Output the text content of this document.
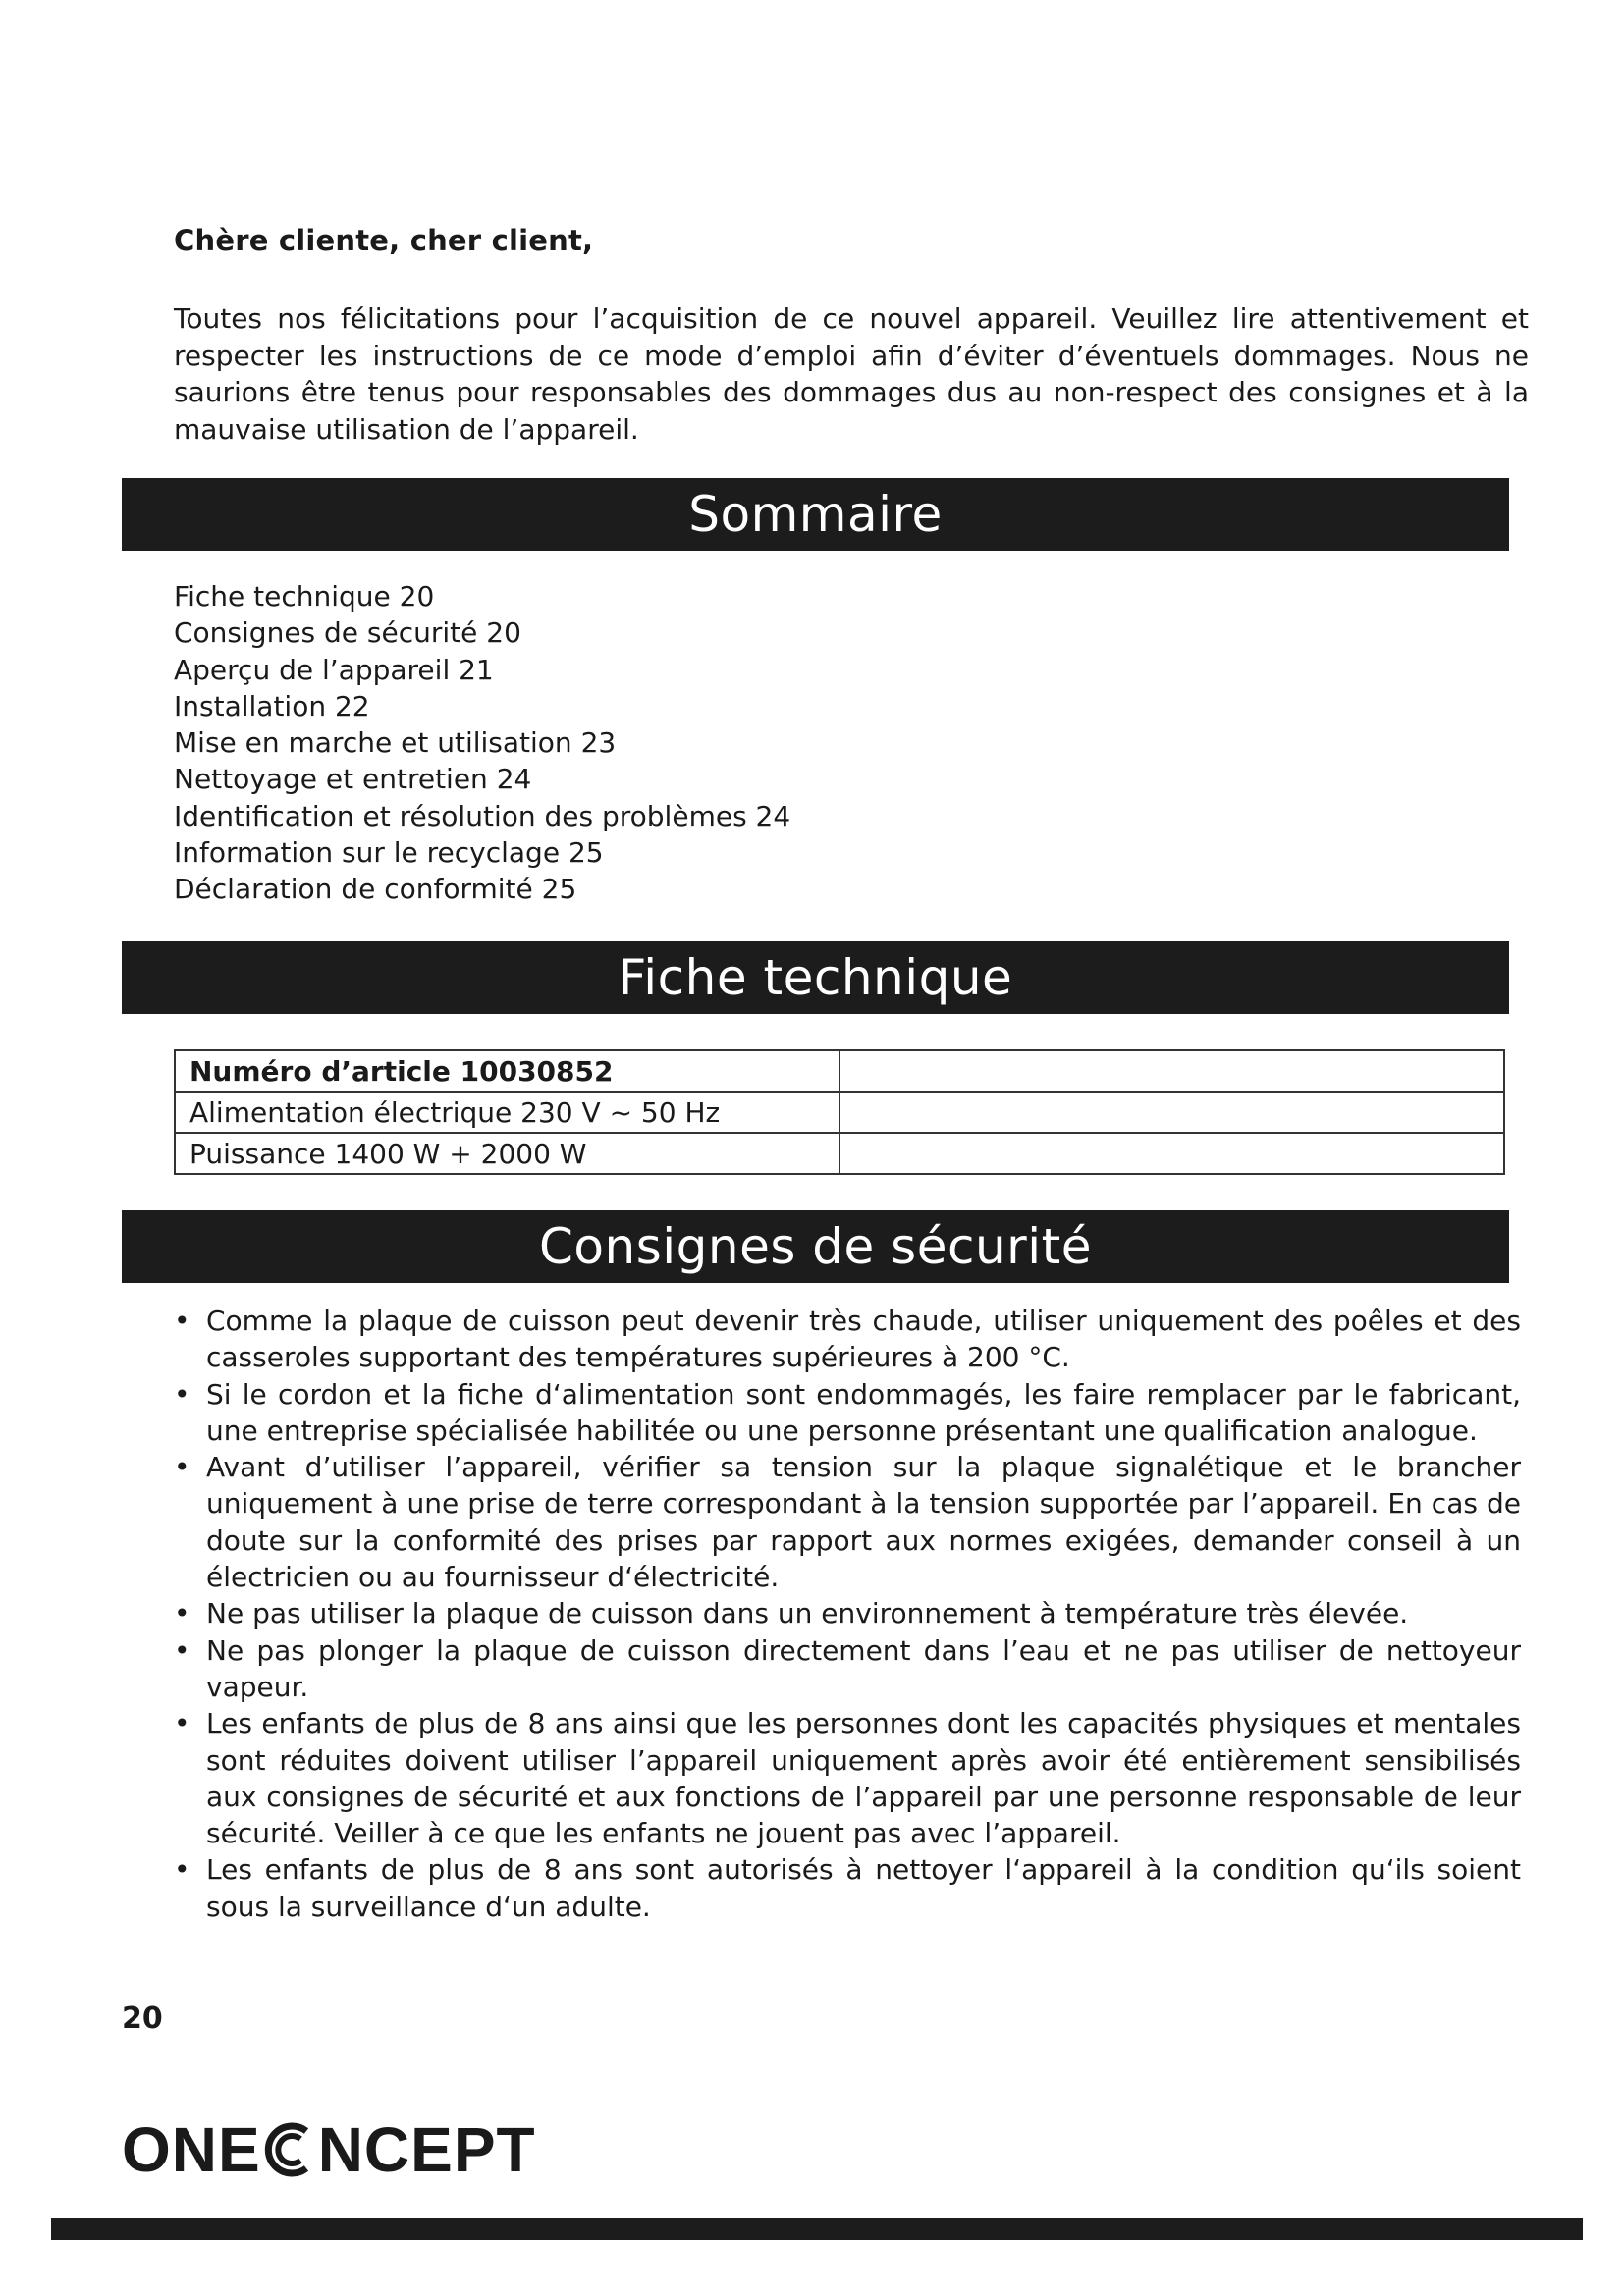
Chère cliente, cher client,

Toutes nos félicitations pour l’acquisition de ce nouvel appareil. Veuillez lire attentivement et respecter les instructions de ce mode d’emploi afin d’éviter d’éventuels dommages. Nous ne saurions être tenus pour responsables des dommages dus au non-respect des consignes et à la mauvaise utilisation de l’appareil.

Sommaire
Fiche technique 20
Consignes de sécurité 20
Aperçu de l’appareil 21
Installation 22
Mise en marche et utilisation 23
Nettoyage et entretien 24
Identification et résolution des problèmes 24
Information sur le recyclage 25
Déclaration de conformité 25
Fiche technique
Numéro d’article 10030852	
Alimentation électrique 230 V ~ 50 Hz	
Puissance 1400 W + 2000 W	
Consignes de sécurité
• Comme la plaque de cuisson peut devenir très chaude, utiliser uniquement des poêles et des casseroles supportant des températures supérieures à 200 °C.
• Si le cordon et la fiche d‘alimentation sont endommagés, les faire remplacer par le fabricant, une entreprise spécialisée habilitée ou une personne présentant une qualification analogue.
• Avant d’utiliser l’appareil, vérifier sa tension sur la plaque signalétique et le brancher uniquement à une prise de terre correspondant à la tension supportée par l’appareil. En cas de doute sur la conformité des prises par rapport aux normes exigées, demander conseil à un électricien ou au fournisseur d‘électricité.
• Ne pas utiliser la plaque de cuisson dans un environnement à température très élevée.
• Ne pas plonger la plaque de cuisson directement dans l’eau et ne pas utiliser de nettoyeur vapeur.
• Les enfants de plus de 8 ans ainsi que les personnes dont les capacités physiques et mentales sont réduites doivent utiliser l’appareil uniquement après avoir été entièrement sensibilisés aux consignes de sécurité et aux fonctions de l’appareil par une personne responsable de leur sécurité. Veiller à ce que les enfants ne jouent pas avec l’appareil.
• Les enfants de plus de 8 ans sont autorisés à nettoyer l‘appareil à la condition qu‘ils soient sous la surveillance d‘un adulte.
20
ONE NCEPT
